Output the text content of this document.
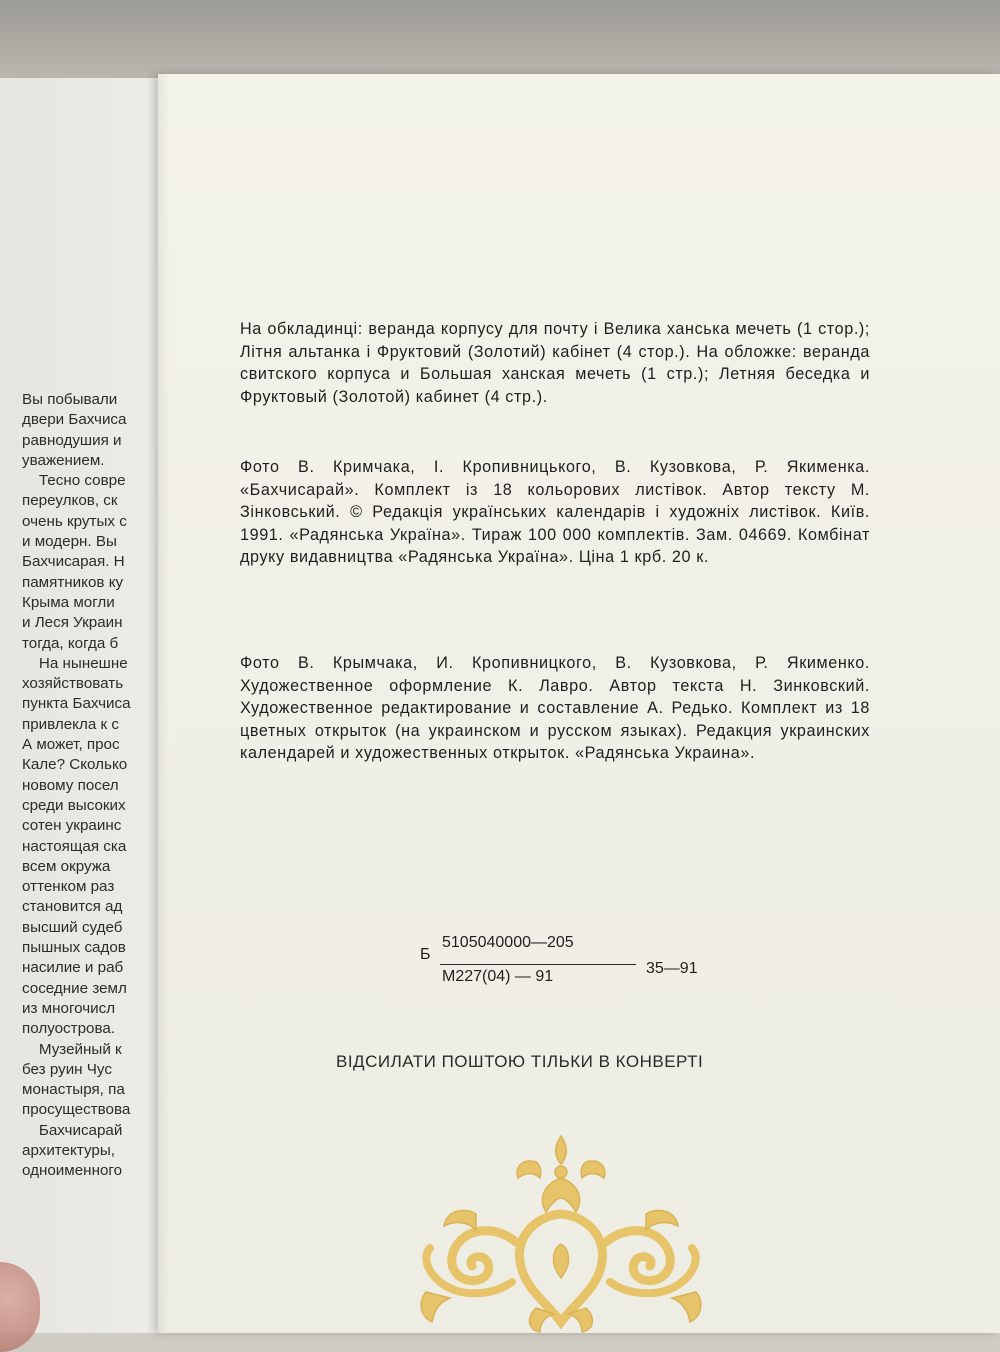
Вы побывали
двери Бахчиса
равнодушия и
уважением.
Тесно совре
переулков, ск
очень крутых с
и модерн. Вы
Бахчисарая. Н
памятников ку
Крыма могли
и Леся Украин
тогда, когда б
На нынешне
хозяйствовать
пункта Бахчиса
привлекла к с
А может, прос
Кале? Сколько
новому посел
среди высоких
сотен украинс
настоящая ска
всем окружа
оттенком раз
становится ад
высший судеб
пышных садов
насилие и раб
соседние земл
из многочисл
полуострова.
Музейный к
без руин Чус
монастыря, па
просуществова
Бахчисарай
архитектуры,
одноименного

На обкладинці: веранда корпусу для почту і Велика ханська мечеть (1 стор.); Літня альтанка і Фруктовий (Золотий) кабінет (4 стор.). На обложке: веранда свитского корпуса и Большая ханская мечеть (1 стр.); Летняя беседка и Фруктовый (Золотой) кабинет (4 стр.).

Фото В. Кримчака, І. Кропивницького, В. Кузовкова, Р. Якименка. «Бахчисарай». Комплект із 18 кольорових листівок. Автор тексту М. Зінковський. © Редакція українських календарів і художніх листівок. Київ. 1991. «Радянська Україна». Тираж 100 000 комплектів. Зам. 04669. Комбінат друку видавництва «Радянська Україна». Ціна 1 крб. 20 к.

Фото В. Крымчака, И. Кропивницкого, В. Кузовкова, Р. Якименко. Художественное оформление К. Лавро. Автор текста Н. Зинковский. Художественное редактирование и составление А. Редько. Комплект из 18 цветных открыток (на украинском и русском языках). Редакция украинских календарей и художественных открыток. «Радянська Украина».

Б
5105040000—205
М227(04) — 91	35—91

ВІДСИЛАТИ ПОШТОЮ ТІЛЬКИ В КОНВЕРТІ
